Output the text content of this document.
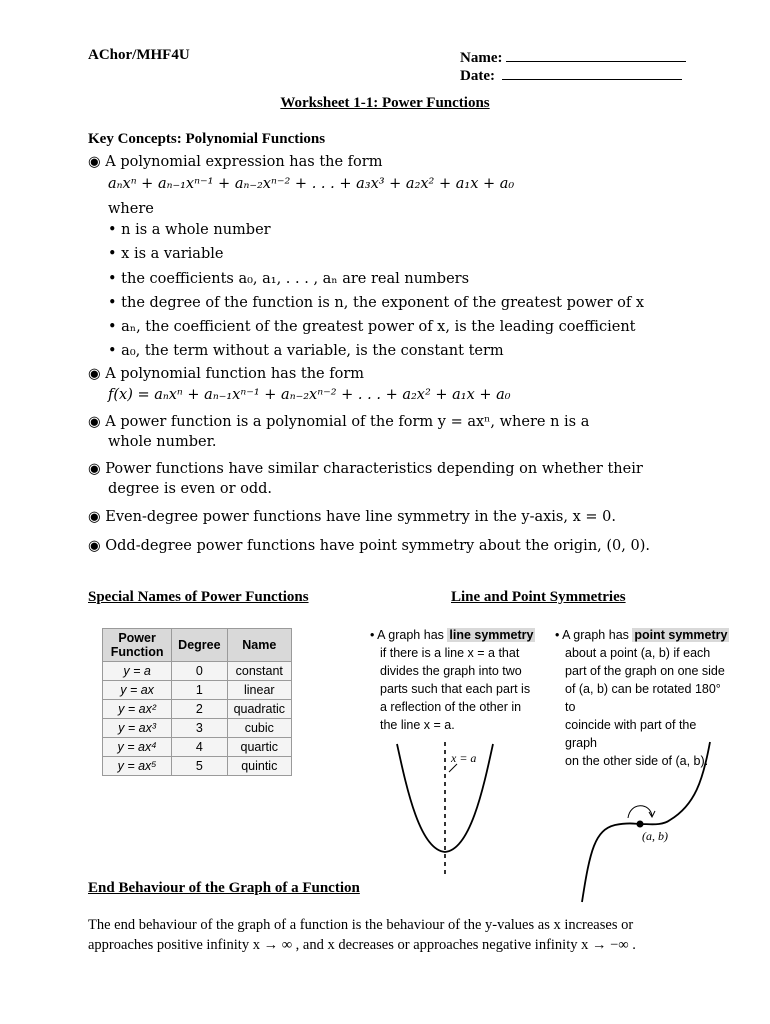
AChor/MHF4U	Name:
Date:
Worksheet 1-1: Power Functions
Key Concepts: Polynomial Functions
◉ A polynomial expression has the form
aₙxⁿ + aₙ₋₁xⁿ⁻¹ + aₙ₋₂xⁿ⁻² + . . . + a₃x³ + a₂x² + a₁x + a₀
where
• n is a whole number
• x is a variable
• the coefficients a₀, a₁, . . . , aₙ are real numbers
• the degree of the function is n, the exponent of the greatest power of x
• aₙ, the coefficient of the greatest power of x, is the leading coefficient
• a₀, the term without a variable, is the constant term
◉ A polynomial function has the form
f(x) = aₙxⁿ + aₙ₋₁xⁿ⁻¹ + aₙ₋₂xⁿ⁻² + . . . + a₂x² + a₁x + a₀
◉ A power function is a polynomial of the form y = axⁿ, where n is a
whole number.
◉ Power functions have similar characteristics depending on whether their
degree is even or odd.
◉ Even-degree power functions have line symmetry in the y-axis, x = 0.
◉ Odd-degree power functions have point symmetry about the origin, (0, 0).
Special Names of Power Functions	Line and Point Symmetries
Power Function	Degree	Name
y = a	0	constant
y = ax	1	linear
y = ax²	2	quadratic
y = ax³	3	cubic
y = ax⁴	4	quartic
y = ax⁵	5	quintic
• A graph has line symmetry
if there is a line x = a that
divides the graph into two
parts such that each part is
a reflection of the other in
the line x = a.
• A graph has point symmetry
about a point (a, b) if each
part of the graph on one side
of (a, b) can be rotated 180° to
coincide with part of the graph
on the other side of (a, b).
x = a
(a, b)
End Behaviour of the Graph of a Function
The end behaviour of the graph of a function is the behaviour of the y-values as x increases or
approaches positive infinity x → ∞ , and x decreases or approaches negative infinity x → −∞ .
